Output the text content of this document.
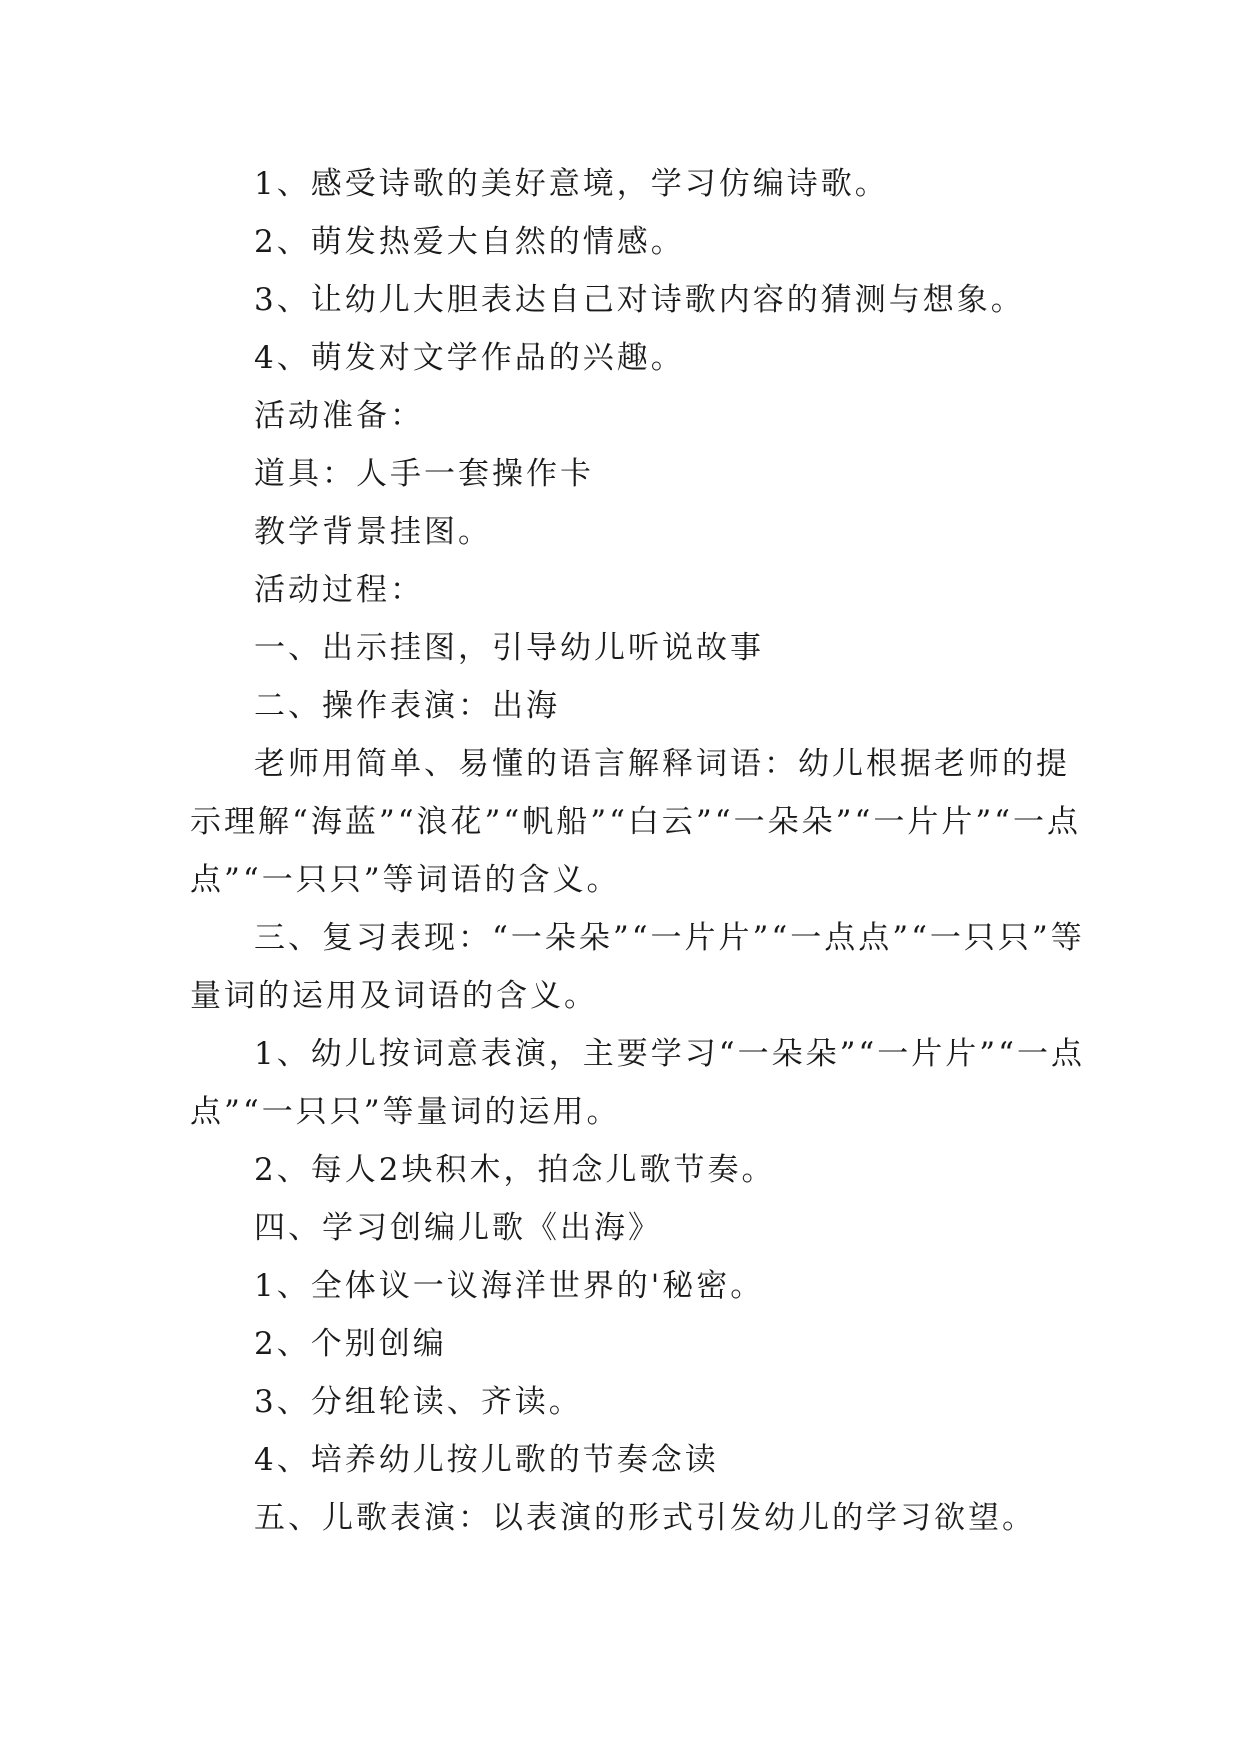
1、感受诗歌的美好意境，学习仿编诗歌。

2、萌发热爱大自然的情感。

3、让幼儿大胆表达自己对诗歌内容的猜测与想象。

4、萌发对文学作品的兴趣。

活动准备：

道具：人手一套操作卡

教学背景挂图。

活动过程：

一、出示挂图，引导幼儿听说故事

二、操作表演：出海

老师用简单、易懂的语言解释词语：幼儿根据老师的提示理解“海蓝”“浪花”“帆船”“白云”“一朵朵”“一片片”“一点点”“一只只”等词语的含义。

三、复习表现：“一朵朵”“一片片”“一点点”“一只只”等量词的运用及词语的含义。

1、幼儿按词意表演，主要学习“一朵朵”“一片片”“一点点”“一只只”等量词的运用。

2、每人2块积木，拍念儿歌节奏。

四、学习创编儿歌《出海》

1、全体议一议海洋世界的'秘密。

2、个别创编

3、分组轮读、齐读。

4、培养幼儿按儿歌的节奏念读

五、儿歌表演：以表演的形式引发幼儿的学习欲望。
